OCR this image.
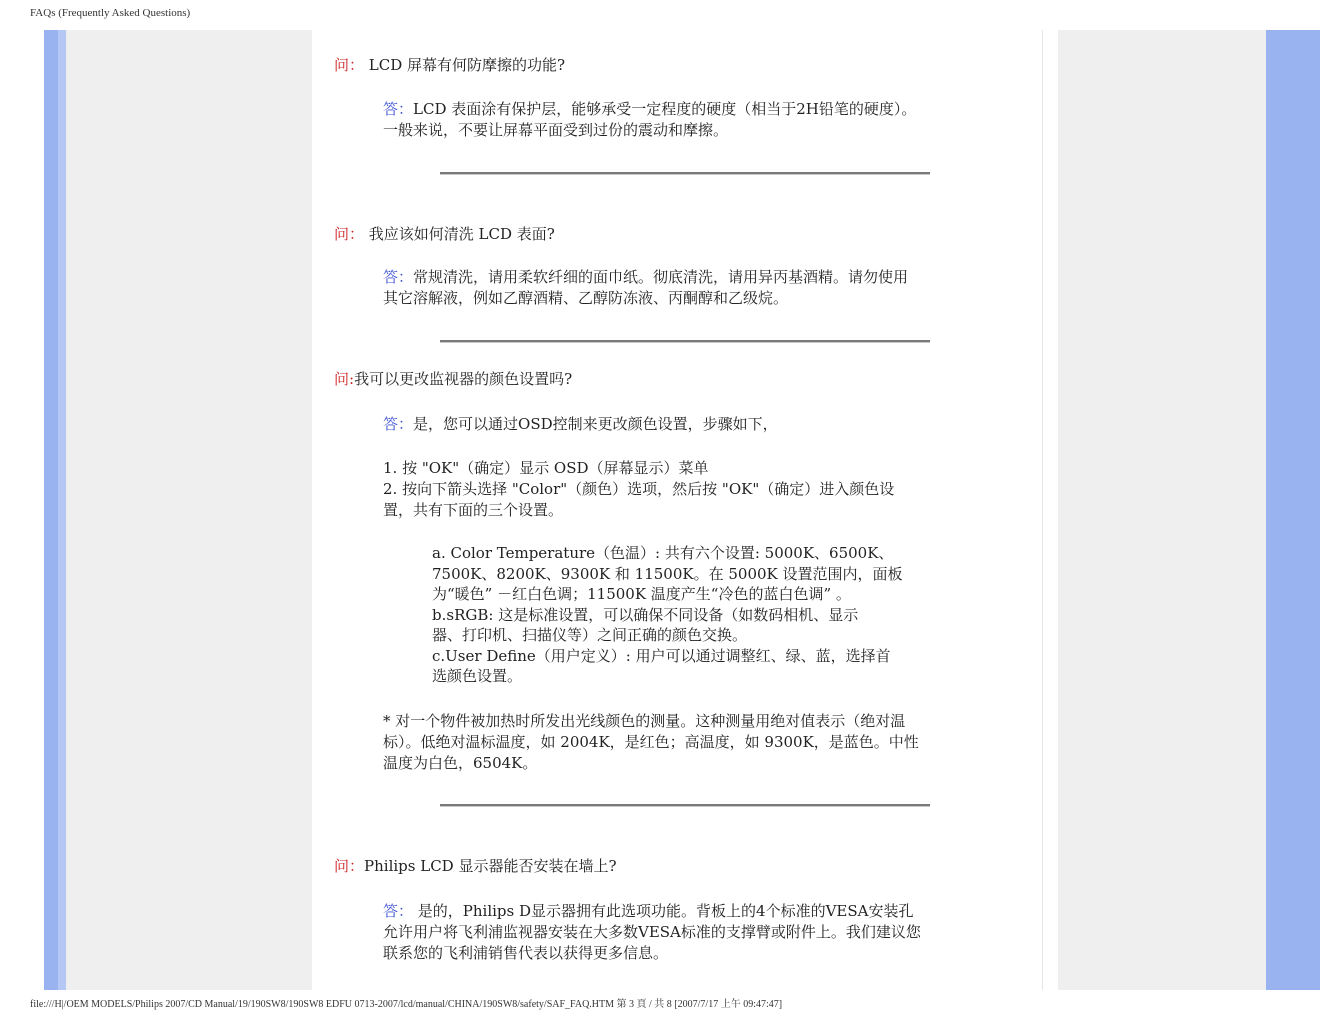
FAQs (Frequently Asked Questions)
问： LCD 屏幕有何防摩擦的功能?
答：LCD 表面涂有保护层，能够承受一定程度的硬度（相当于2H铅笔的硬度）。
一般来说，不要让屏幕平面受到过份的震动和摩擦。
问： 我应该如何清洗 LCD 表面?
答：常规清洗，请用柔软纤细的面巾纸。彻底清洗，请用异丙基酒精。请勿使用
其它溶解液，例如乙醇酒精、乙醇防冻液、丙酮醇和乙级烷。
问:我可以更改监视器的颜色设置吗?
答：是，您可以通过OSD控制来更改颜色设置，步骤如下，
1. 按 "OK"（确定）显示 OSD（屏幕显示）菜单
2. 按向下箭头选择 "Color"（颜色）选项，然后按 "OK"（确定）进入颜色设
置，共有下面的三个设置。
a. Color Temperature（色温）: 共有六个设置: 5000K、6500K、
7500K、8200K、9300K 和 11500K。在 5000K 设置范围内，面板
为“暖色” －红白色调；11500K 温度产生“冷色的蓝白色调” 。
b.sRGB: 这是标准设置，可以确保不同设备（如数码相机、显示
器、打印机、扫描仪等）之间正确的颜色交换。
c.User Define（用户定义）: 用户可以通过调整红、绿、蓝，选择首
选颜色设置。
* 对一个物件被加热时所发出光线颜色的测量。这种测量用绝对值表示（绝对温
标）。低绝对温标温度，如 2004K，是红色；高温度，如 9300K，是蓝色。中性
温度为白色，6504K。
问：Philips LCD 显示器能否安装在墙上?
答： 是的，Philips D显示器拥有此选项功能。背板上的4个标准的VESA安装孔
允许用户将飞利浦监视器安装在大多数VESA标准的支撑臂或附件上。我们建议您
联系您的飞利浦销售代表以获得更多信息。
file:///H|/OEM MODELS/Philips 2007/CD Manual/19/190SW8/190SW8 EDFU 0713-2007/lcd/manual/CHINA/190SW8/safety/SAF_FAQ.HTM 第 3 頁 / 共 8 [2007/7/17 上午 09:47:47]
